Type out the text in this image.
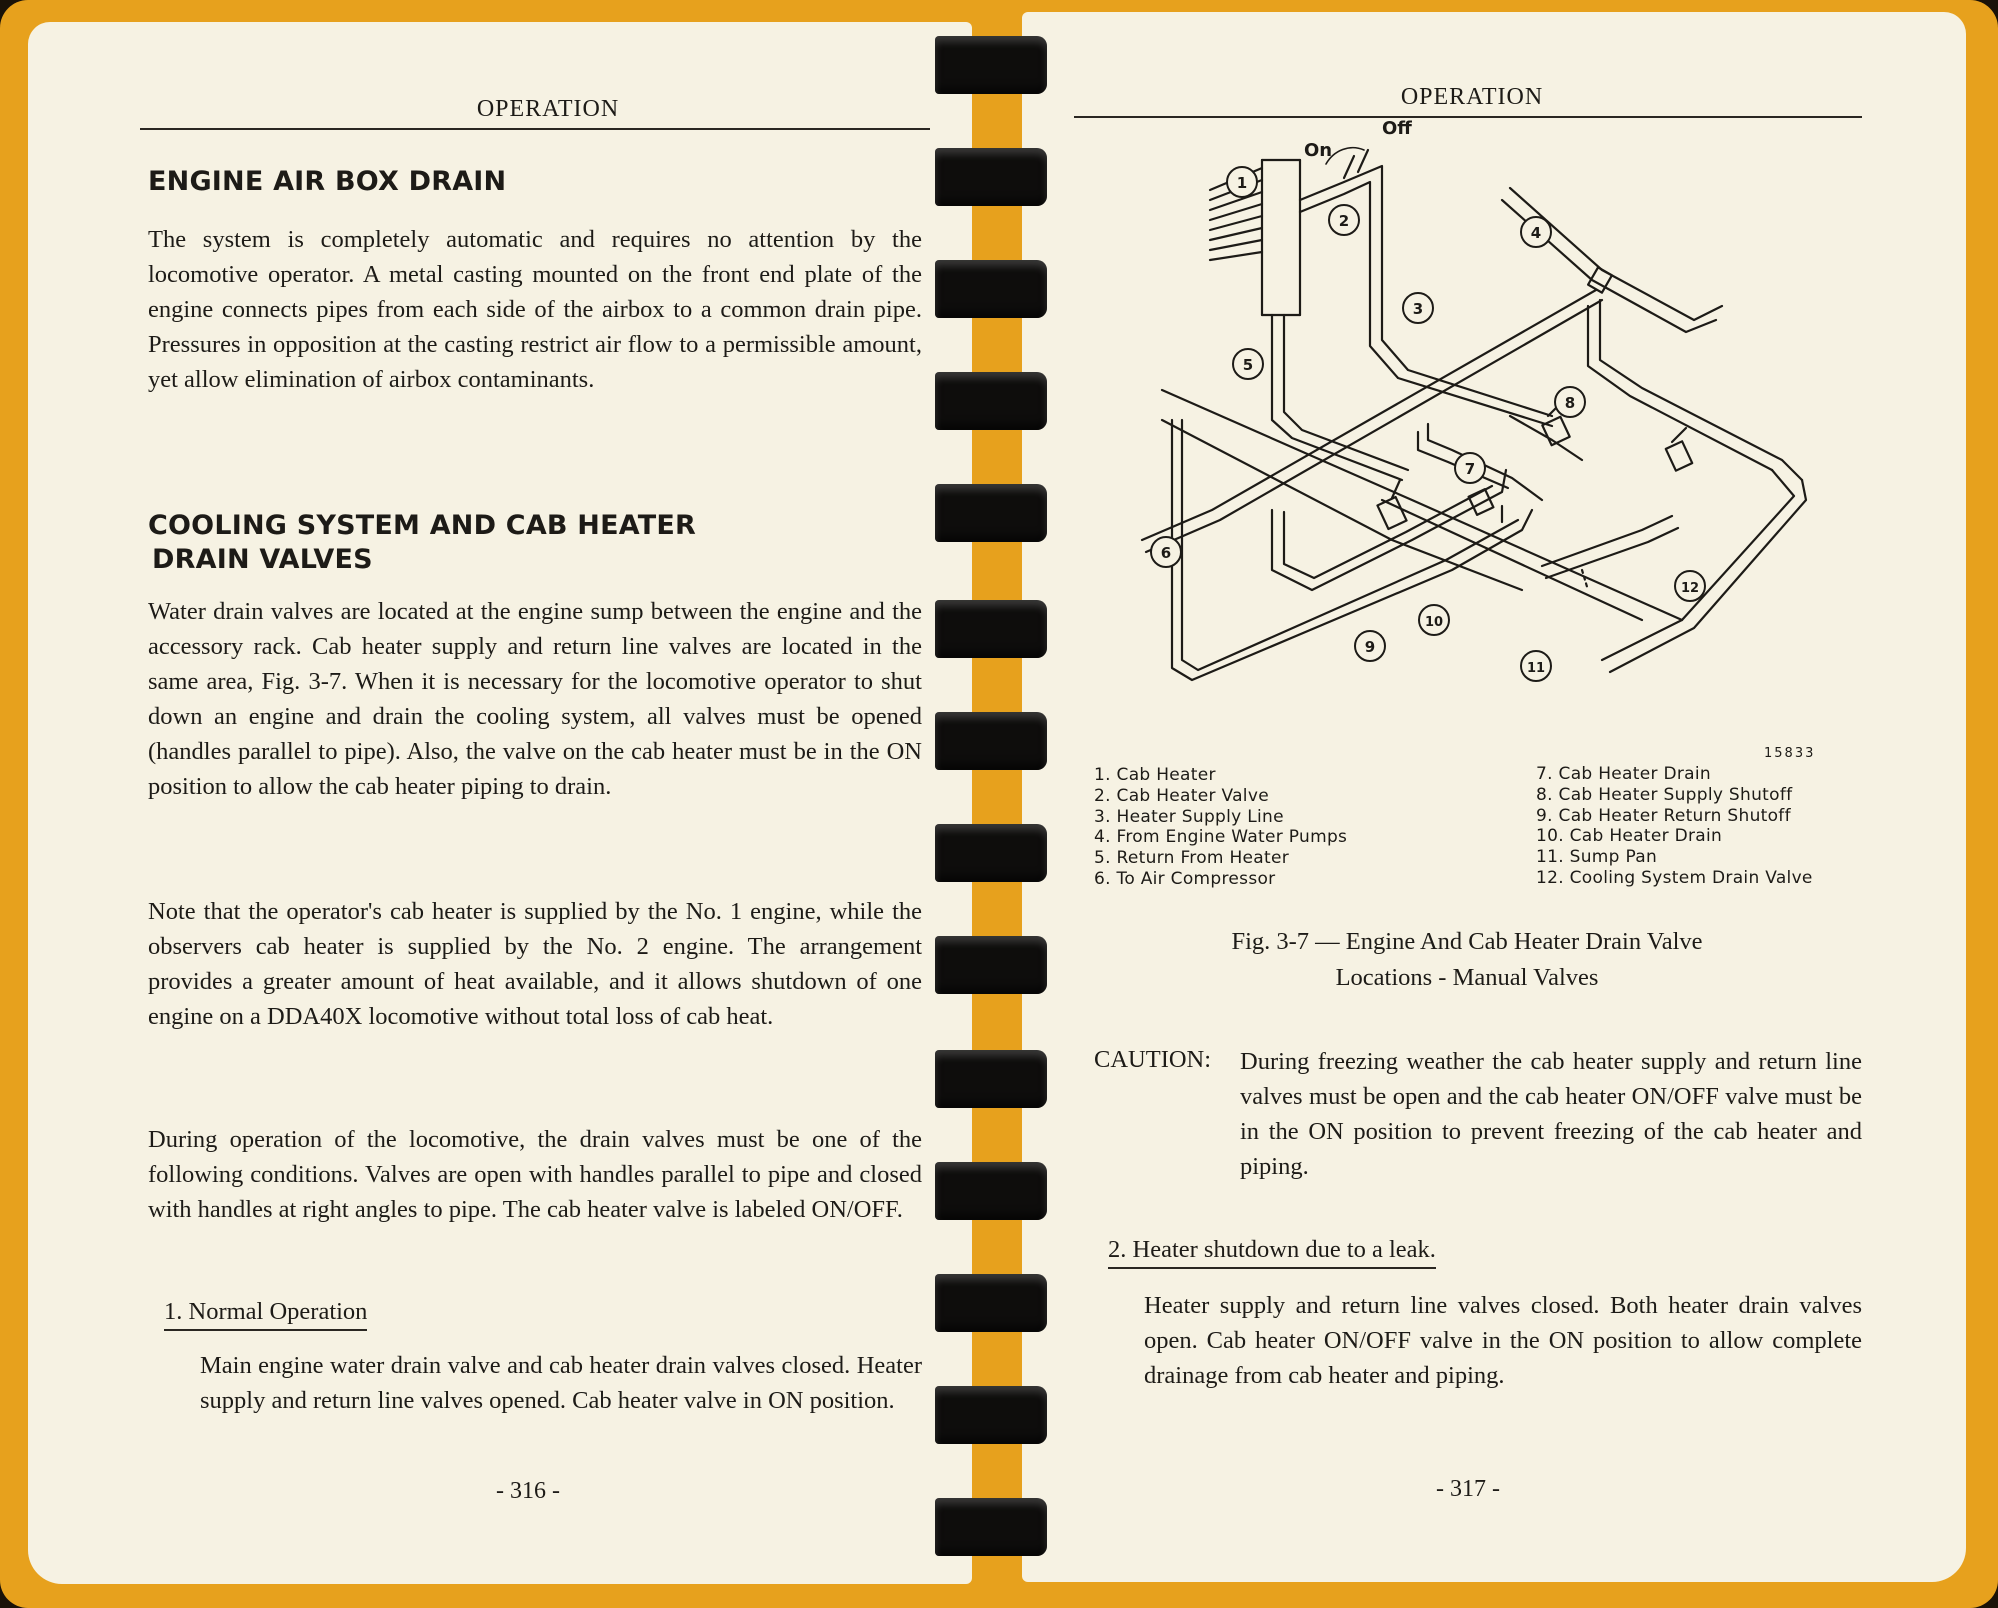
OPERATION
ENGINE AIR BOX DRAIN
The system is completely automatic and requires no attention by the locomotive operator. A metal casting mounted on the front end plate of the engine connects pipes from each side of the airbox to a common drain pipe. Pressures in opposition at the casting restrict air flow to a permissible amount, yet allow elimination of airbox contaminants.
COOLING SYSTEM AND CAB HEATER
DRAIN VALVES
Water drain valves are located at the engine sump between the engine and the accessory rack. Cab heater supply and return line valves are located in the same area, Fig. 3-7. When it is necessary for the locomotive operator to shut down an engine and drain the cooling system, all valves must be opened (handles parallel to pipe). Also, the valve on the cab heater must be in the ON position to allow the cab heater piping to drain.
Note that the operator's cab heater is supplied by the No. 1 engine, while the observers cab heater is supplied by the No. 2 engine. The arrangement provides a greater amount of heat available, and it allows shutdown of one engine on a DDA40X locomotive without total loss of cab heat.
During operation of the locomotive, the drain valves must be one of the following conditions. Valves are open with handles parallel to pipe and closed with handles at right angles to pipe. The cab heater valve is labeled ON/OFF.
1. Normal Operation
Main engine water drain valve and cab heater drain valves closed. Heater supply and return line valves opened. Cab heater valve in ON position.
- 316 -
OPERATION
On
Off
1
2
3
4
5
6
7
8
9
10
11
12
15833
1. Cab Heater
2. Cab Heater Valve
3. Heater Supply Line
4. From Engine Water Pumps
5. Return From Heater
6. To Air Compressor
7. Cab Heater Drain
8. Cab Heater Supply Shutoff
9. Cab Heater Return Shutoff
10. Cab Heater Drain
11. Sump Pan
12. Cooling System Drain Valve
Fig. 3-7 — Engine And Cab Heater Drain Valve
Locations - Manual Valves
CAUTION: During freezing weather the cab heater supply and return line valves must be open and the cab heater ON/OFF valve must be in the ON position to prevent freezing of the cab heater and piping.
2. Heater shutdown due to a leak.
Heater supply and return line valves closed. Both heater drain valves open. Cab heater ON/OFF valve in the ON position to allow complete drainage from cab heater and piping.
- 317 -
